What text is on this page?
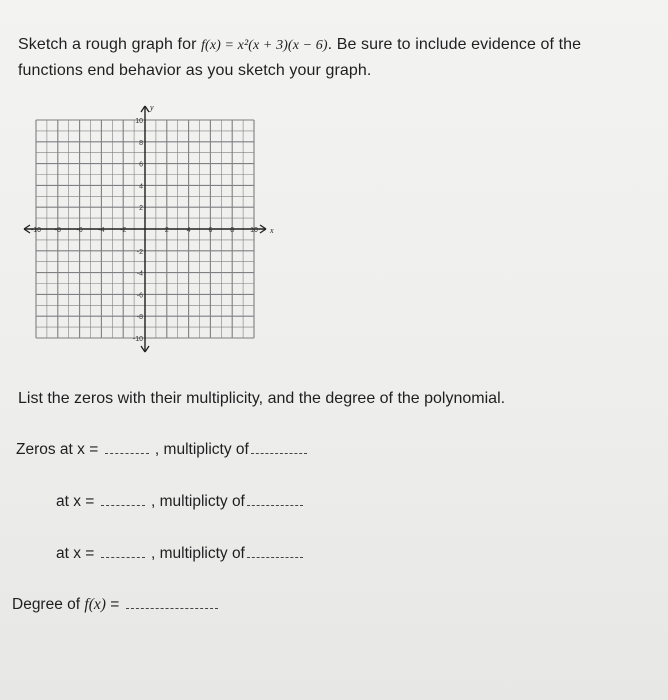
Sketch a rough graph for f(x) = x²(x + 3)(x − 6). Be sure to include evidence of the
functions end behavior as you sketch your graph.
x
y
-10 -8 -6 -4 -2	2	4	6	8 10
10
8
6
4
2
-2
-4
-6
-8
-10
List the zeros with their multiplicity, and the degree of the polynomial.
Zeros at x =	, multiplicty of
at x =	, multiplicty of
at x =	, multiplicty of
Degree of f(x) =
